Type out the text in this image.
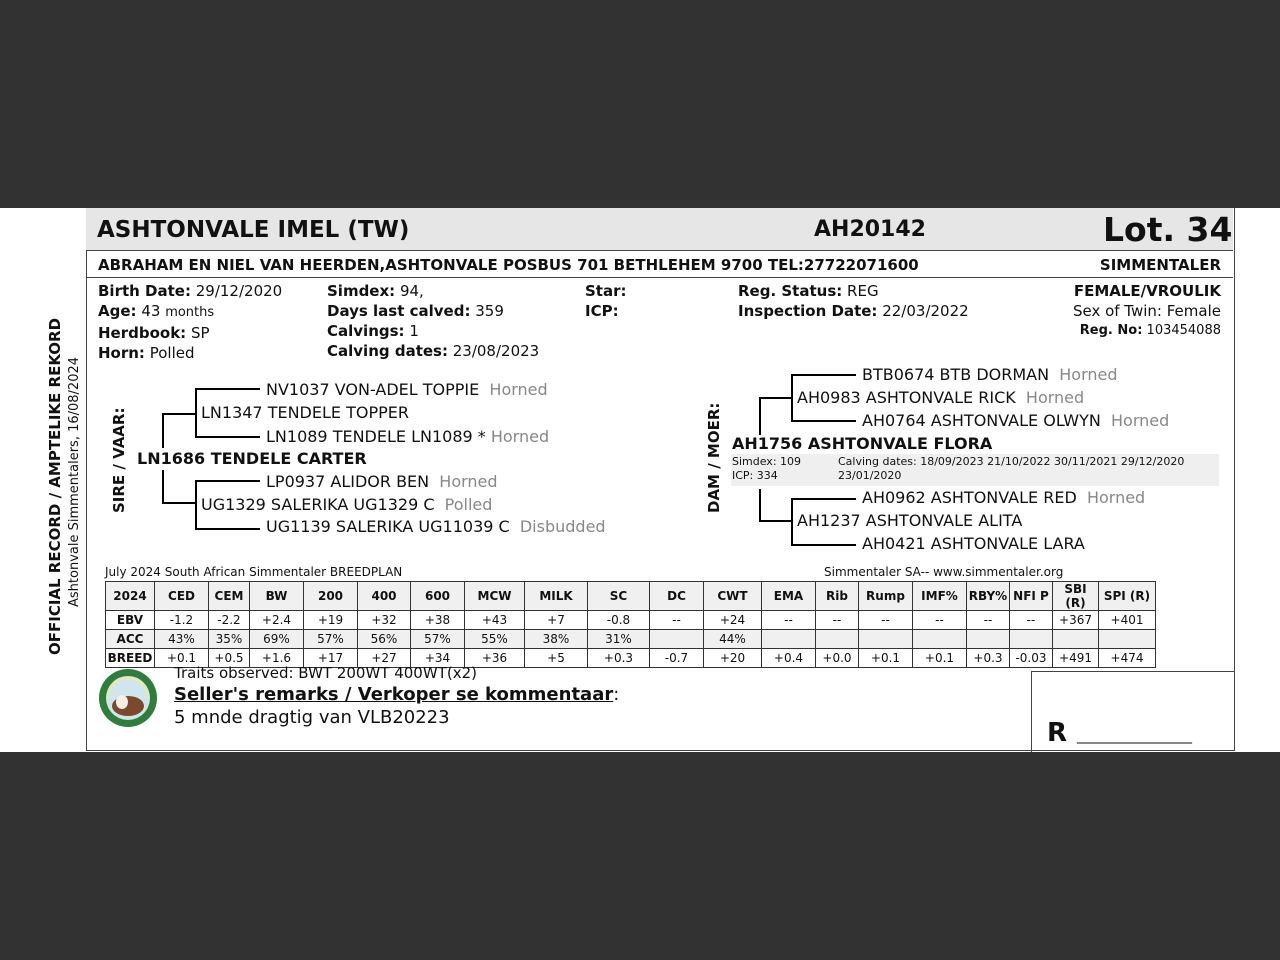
ASHTONVALE IMEL (TW)	AH20142	Lot. 34
ABRAHAM EN NIEL VAN HEERDEN,ASHTONVALE POSBUS 701 BETHLEHEM 9700 TEL:27722071600	SIMMENTALER
OFFICIAL RECORD / AMPTELIKE REKORD Ashtonvale Simmentalers, 16/08/2024
Birth Date: 29/12/2020
Age: 43 months
Herdbook: SP
Horn: Polled
Simdex: 94,
Days last calved: 359
Calvings: 1
Calving dates: 23/08/2023
Star:
ICP:
Reg. Status: REG
Inspection Date: 22/03/2022
FEMALE/VROULIK
Sex of Twin: Female
Reg. No: 103454088
SIRE / VAAR:
NV1037 VON-ADEL TOPPIE Horned
LN1347 TENDELE TOPPER
LN1089 TENDELE LN1089 * Horned
LN1686 TENDELE CARTER
LP0937 ALIDOR BEN Horned
UG1329 SALERIKA UG1329 C Polled
UG1139 SALERIKA UG11039 C Disbudded
DAM / MOER:
BTB0674 BTB DORMAN Horned
AH0983 ASHTONVALE RICK Horned
AH0764 ASHTONVALE OLWYN Horned
AH1756 ASHTONVALE FLORA
Simdex: 109
ICP: 334
Calving dates: 18/09/2023 21/10/2022 30/11/2021 29/12/2020
23/01/2020
AH0962 ASHTONVALE RED Horned
AH1237 ASHTONVALE ALITA
AH0421 ASHTONVALE LARA
July 2024 South African Simmentaler BREEDPLAN	Simmentaler SA-- www.simmentaler.org
2024	CED	CEM	BW	200	400	600	MCW	MILK	SC	DC	CWT	EMA	Rib	Rump	IMF%	RBY%	NFI P	SBI (R)	SPI (R)
EBV	-1.2	-2.2	+2.4	+19	+32	+38	+43	+7	-0.8	--	+24	--	--	--	--	--	--	+367	+401
ACC	43%	35%	69%	57%	56%	57%	55%	38%	31%		44%								
BREED	+0.1	+0.5	+1.6	+17	+27	+34	+36	+5	+0.3	-0.7	+20	+0.4	+0.0	+0.1	+0.1	+0.3	-0.03	+491	+474
Traits observed: BWT 200WT 400WT(x2)
Seller's remarks / Verkoper se kommentaar:
5 mnde dragtig van VLB20223
R ___________________
